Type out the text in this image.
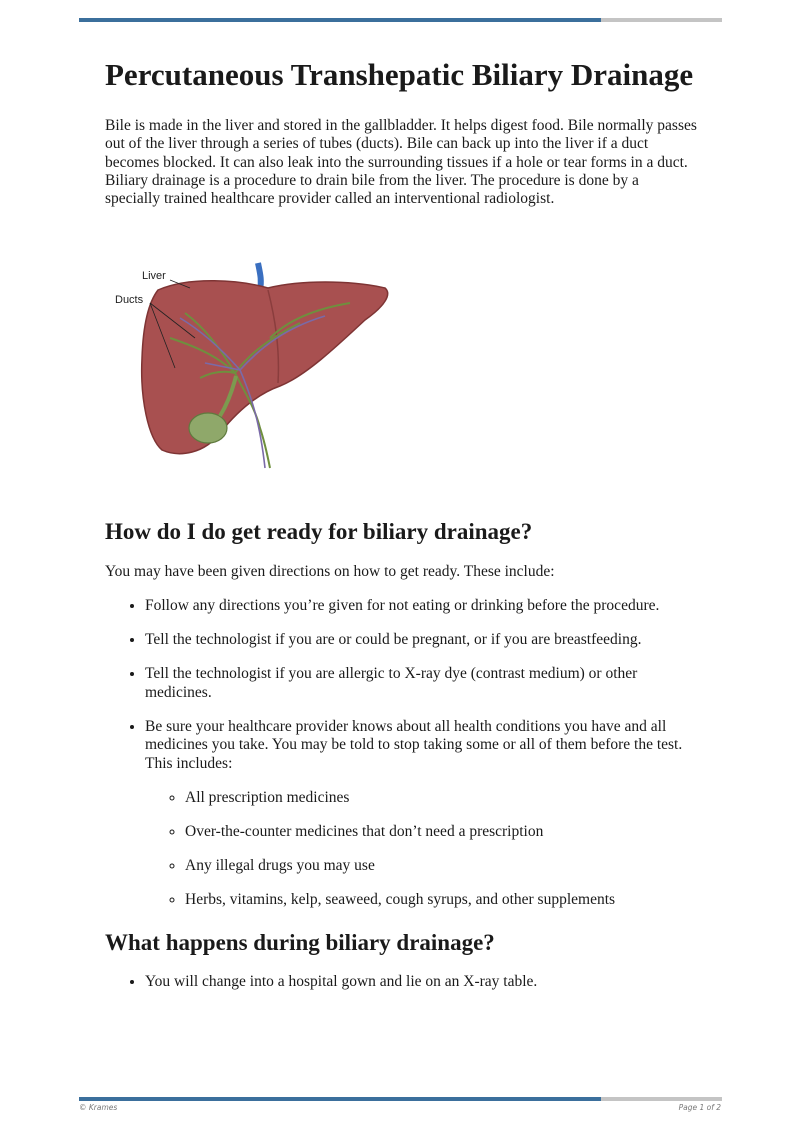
Percutaneous Transhepatic Biliary Drainage

Bile is made in the liver and stored in the gallbladder. It helps digest food. Bile normally passes out of the liver through a series of tubes (ducts). Bile can back up into the liver if a duct becomes blocked. It can also leak into the surrounding tissues if a hole or tear forms in a duct. Biliary drainage is a procedure to drain bile from the liver. The procedure is done by a specially trained healthcare provider called an interventional radiologist.

Liver
Ducts
How do I do get ready for biliary drainage?

You may have been given directions on how to get ready. These include:

• Follow any directions you’re given for not eating or drinking before the procedure.
• Tell the technologist if you are or could be pregnant, or if you are breastfeeding.
• Tell the technologist if you are allergic to X-ray dye (contrast medium) or other medicines.
• Be sure your healthcare provider knows about all health conditions you have and all medicines you take. You may be told to stop taking some or all of them before the test. This includes:
◦ All prescription medicines
◦ Over-the-counter medicines that don’t need a prescription
◦ Any illegal drugs you may use
◦ Herbs, vitamins, kelp, seaweed, cough syrups, and other supplements
What happens during biliary drainage?
• You will change into a hospital gown and lie on an X-ray table.
© Krames	Page 1 of 2
